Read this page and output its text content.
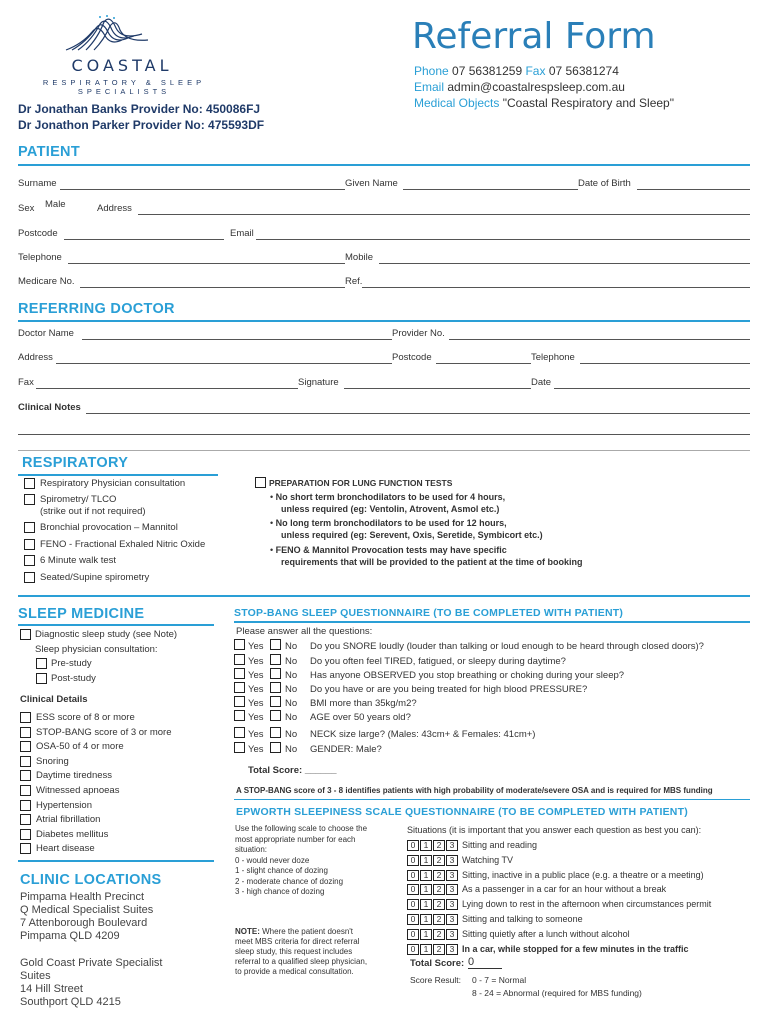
COASTAL
RESPIRATORY & SLEEP
SPECIALISTS
Dr Jonathan Banks Provider No: 450086FJ
Dr Jonathon Parker Provider No: 475593DF
Referral Form
Phone 07 56381259 Fax 07 56381274
Email admin@coastalrespsleep.com.au
Medical Objects "Coastal Respiratory and Sleep"
PATIENT
Surname	Given Name	Date of Birth
Sex Male	Address
Postcode	Email
Telephone	Mobile
Medicare No.	Ref.
REFERRING DOCTOR
Doctor Name	Provider No.
Address	Postcode	Telephone
Fax	Signature	Date
Clinical Notes
RESPIRATORY
Respiratory Physician consultation
Spirometry/ TLCO
(strike out if not required)
Bronchial provocation – Mannitol
FENO - Fractional Exhaled Nitric Oxide
6 Minute walk test
Seated/Supine spirometry
PREPARATION FOR LUNG FUNCTION TESTS
• No short term bronchodilators to be used for 4 hours,
unless required (eg: Ventolin, Atrovent, Asmol etc.)
• No long term bronchodilators to be used for 12 hours,
unless required (eg: Serevent, Oxis, Seretide, Symbicort etc.)
• FENO & Mannitol Provocation tests may have specific
requirements that will be provided to the patient at the time of booking
SLEEP MEDICINE
Diagnostic sleep study (see Note)
Sleep physician consultation:
Pre-study
Post-study
Clinical Details
ESS score of 8 or more
STOP-BANG score of 3 or more
OSA-50 of 4 or more
Snoring
Daytime tiredness
Witnessed apnoeas
Hypertension
Atrial fibrillation
Diabetes mellitus
Heart disease
CLINIC LOCATIONS
Pimpama Health Precinct
Q Medical Specialist Suites
7 Attenborough Boulevard
Pimpama QLD 4209
Gold Coast Private Specialist
Suites
14 Hill Street
Southport QLD 4215
STOP-BANG SLEEP QUESTIONNAIRE (TO BE COMPLETED WITH PATIENT)
Please answer all the questions:
Yes No Do you SNORE loudly (louder than talking or loud enough to be heard through closed doors)?
Yes No Do you often feel TIRED, fatigued, or sleepy during daytime?
Yes No Has anyone OBSERVED you stop breathing or choking during your sleep?
Yes No Do you have or are you being treated for high blood PRESSURE?
Yes No BMI more than 35kg/m2?
Yes No AGE over 50 years old?
Yes No NECK size large? (Males: 43cm+ & Females: 41cm+)
Yes No GENDER: Male?
Total Score: ______
A STOP-BANG score of 3 - 8 identifies patients with high probability of moderate/severe OSA and is required for MBS funding
EPWORTH SLEEPINESS SCALE QUESTIONNAIRE (TO BE COMPLETED WITH PATIENT)
Use the following scale to choose the
most appropriate number for each
situation:
0 - would never doze
1 - slight chance of dozing
2 - moderate chance of dozing
3 - high chance of dozing
NOTE: Where the patient doesn't
meet MBS criteria for direct referral
sleep study, this request includes
referral to a qualified sleep physician,
to provide a medical consultation.
Situations (it is important that you answer each question as best you can):
0 1 2 3 Sitting and reading
0 1 2 3 Watching TV
0 1 2 3 Sitting, inactive in a public place (e.g. a theatre or a meeting)
0 1 2 3 As a passenger in a car for an hour without a break
0 1 2 3 Lying down to rest in the afternoon when circumstances permit
0 1 2 3 Sitting and talking to someone
0 1 2 3 Sitting quietly after a lunch without alcohol
0 1 2 3 In a car, while stopped for a few minutes in the traffic
Total Score: 0
Score Result: 0 - 7 = Normal
8 - 24 = Abnormal (required for MBS funding)
